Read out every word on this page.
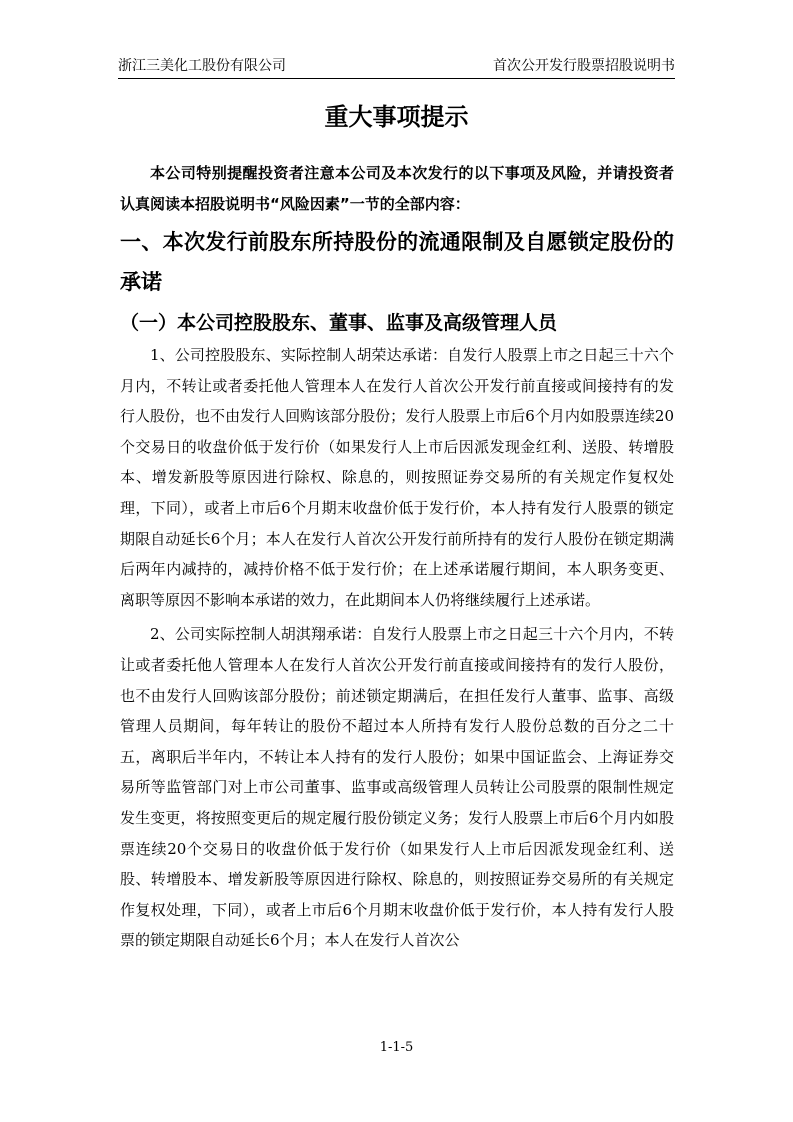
浙江三美化工股份有限公司	首次公开发行股票招股说明书
重大事项提示

本公司特别提醒投资者注意本公司及本次发行的以下事项及风险，并请投资者认真阅读本招股说明书“风险因素”一节的全部内容：

一、本次发行前股东所持股份的流通限制及自愿锁定股份的承诺
（一）本公司控股股东、董事、监事及高级管理人员

1、公司控股股东、实际控制人胡荣达承诺：自发行人股票上市之日起三十六个月内，不转让或者委托他人管理本人在发行人首次公开发行前直接或间接持有的发行人股份，也不由发行人回购该部分股份；发行人股票上市后6个月内如股票连续20个交易日的收盘价低于发行价（如果发行人上市后因派发现金红利、送股、转增股本、增发新股等原因进行除权、除息的，则按照证券交易所的有关规定作复权处理，下同），或者上市后6个月期末收盘价低于发行价，本人持有发行人股票的锁定期限自动延长6个月；本人在发行人首次公开发行前所持有的发行人股份在锁定期满后两年内减持的，减持价格不低于发行价；在上述承诺履行期间，本人职务变更、离职等原因不影响本承诺的效力，在此期间本人仍将继续履行上述承诺。

2、公司实际控制人胡淇翔承诺：自发行人股票上市之日起三十六个月内，不转让或者委托他人管理本人在发行人首次公开发行前直接或间接持有的发行人股份，也不由发行人回购该部分股份；前述锁定期满后，在担任发行人董事、监事、高级管理人员期间，每年转让的股份不超过本人所持有发行人股份总数的百分之二十五，离职后半年内，不转让本人持有的发行人股份；如果中国证监会、上海证券交易所等监管部门对上市公司董事、监事或高级管理人员转让公司股票的限制性规定发生变更，将按照变更后的规定履行股份锁定义务；发行人股票上市后6个月内如股票连续20个交易日的收盘价低于发行价（如果发行人上市后因派发现金红利、送股、转增股本、增发新股等原因进行除权、除息的，则按照证券交易所的有关规定作复权处理，下同），或者上市后6个月期末收盘价低于发行价，本人持有发行人股票的锁定期限自动延长6个月；本人在发行人首次公

1-1-5
